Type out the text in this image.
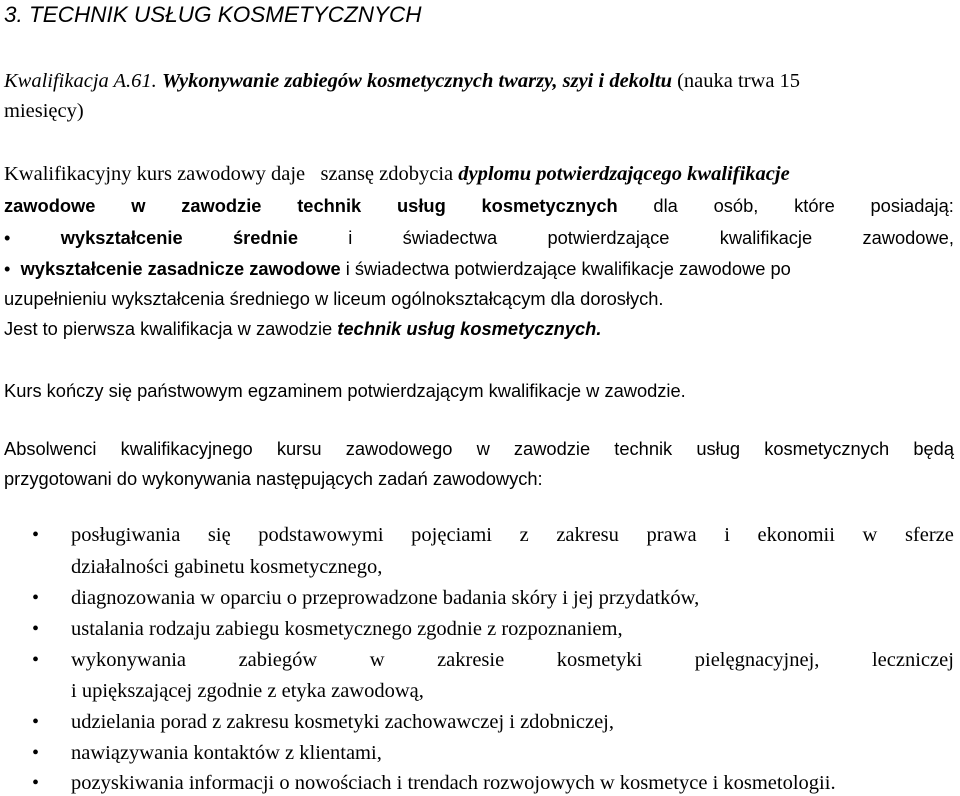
3. TECHNIK USŁUG KOSMETYCZNYCH
Kwalifikacja A.61. Wykonywanie zabiegów kosmetycznych twarzy, szyi i dekoltu (nauka trwa 15
miesięcy)
Kwalifikacyjny kurs zawodowy daje szansę zdobycia dyplomu potwierdzającego kwalifikacje
zawodowe w zawodzie technik usług kosmetycznych dla osób, które posiadają:
•	wykształcenie	średnie	i	świadectwa	potwierdzające	kwalifikacje	zawodowe,
• wykształcenie zasadnicze zawodowe i świadectwa potwierdzające kwalifikacje zawodowe po
uzupełnieniu wykształcenia średniego w liceum ogólnokształcącym dla dorosłych.
Jest to pierwsza kwalifikacja w zawodzie technik usług kosmetycznych.
Kurs kończy się państwowym egzaminem potwierdzającym kwalifikacje w zawodzie.
Absolwenci kwalifikacyjnego kursu zawodowego w zawodzie technik usług kosmetycznych będą
przygotowani do wykonywania następujących zadań zawodowych:
• posługiwania się podstawowymi pojęciami z zakresu prawa i ekonomii w sferze
działalności gabinetu kosmetycznego,
• diagnozowania w oparciu o przeprowadzone badania skóry i jej przydatków,
• ustalania rodzaju zabiegu kosmetycznego zgodnie z rozpoznaniem,
• wykonywania	zabiegów	w	zakresie	kosmetyki	pielęgnacyjnej,	leczniczej
i upiększającej zgodnie z etyka zawodową,
• udzielania porad z zakresu kosmetyki zachowawczej i zdobniczej,
• nawiązywania kontaktów z klientami,
• pozyskiwania informacji o nowościach i trendach rozwojowych w kosmetyce i kosmetologii.
